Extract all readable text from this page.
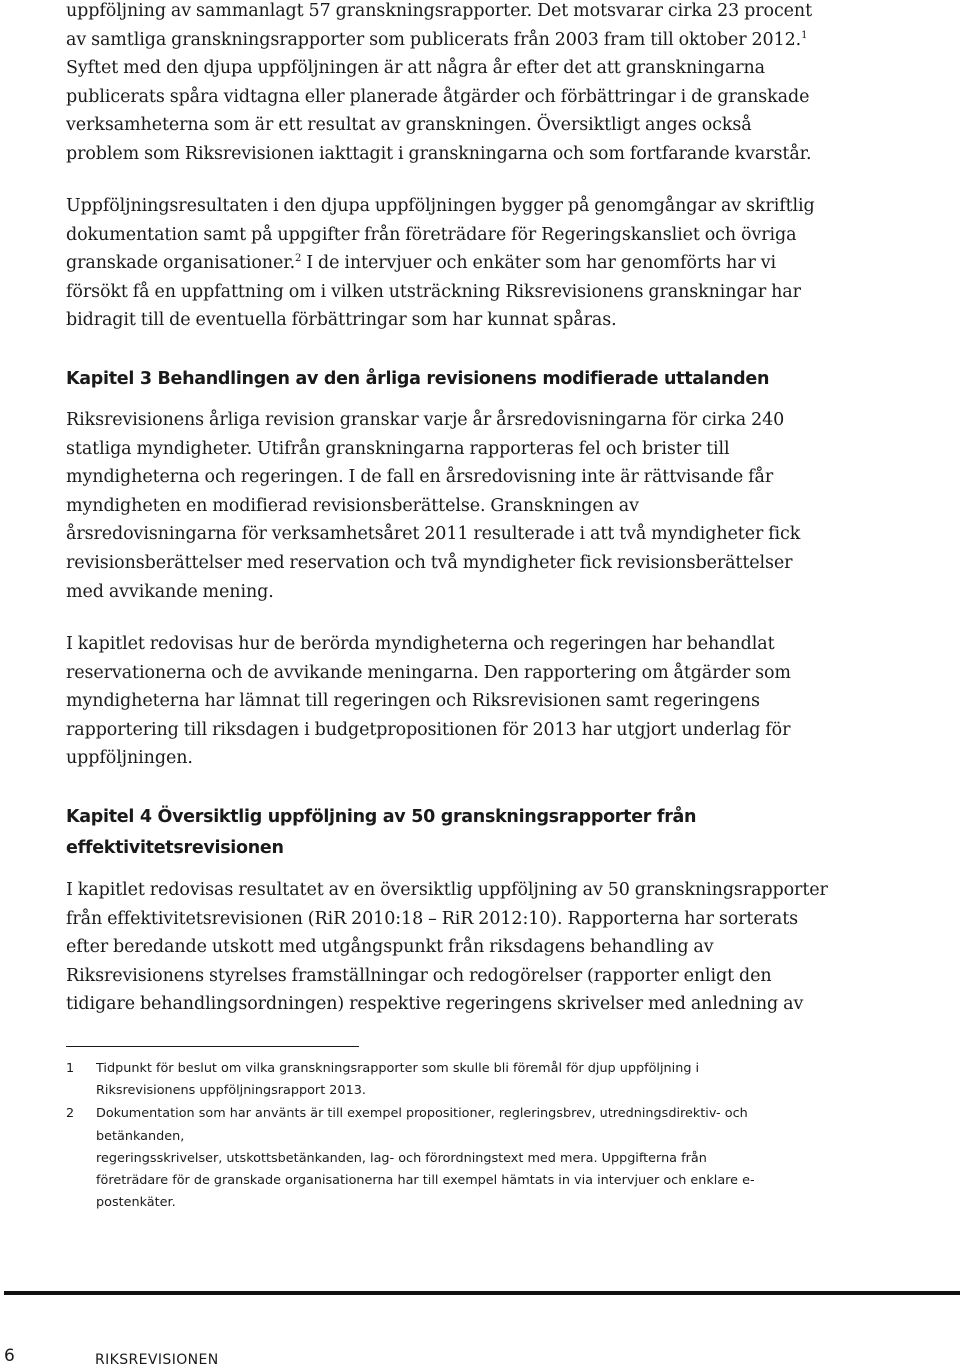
uppföljning av sammanlagt 57 granskningsrapporter. Det motsvarar cirka 23 procent
av samtliga granskningsrapporter som publicerats från 2003 fram till oktober 2012.$^1$
Syftet med den djupa uppföljningen är att några år efter det att granskningarna
publicerats spåra vidtagna eller planerade åtgärder och förbättringar i de granskade
verksamheterna som är ett resultat av granskningen. Översiktligt anges också
problem som Riksrevisionen iakttagit i granskningarna och som fortfarande kvarstår.

Uppföljningsresultaten i den djupa uppföljningen bygger på genomgångar av skriftlig
dokumentation samt på uppgifter från företrädare för Regeringskansliet och övriga
granskade organisationer.$^2$ I de intervjuer och enkäter som har genomförts har vi
försökt få en uppfattning om i vilken utsträckning Riksrevisionens granskningar har
bidragit till de eventuella förbättringar som har kunnat spåras.

Kapitel 3 Behandlingen av den årliga revisionens modifierade uttalanden

Riksrevisionens årliga revision granskar varje år årsredovisningarna för cirka 240
statliga myndigheter. Utifrån granskningarna rapporteras fel och brister till
myndigheterna och regeringen. I de fall en årsredovisning inte är rättvisande får
myndigheten en modifierad revisionsberättelse. Granskningen av
årsredovisningarna för verksamhetsåret 2011 resulterade i att två myndigheter fick
revisionsberättelser med reservation och två myndigheter fick revisionsberättelser
med avvikande mening.

I kapitlet redovisas hur de berörda myndigheterna och regeringen har behandlat
reservationerna och de avvikande meningarna. Den rapportering om åtgärder som
myndigheterna har lämnat till regeringen och Riksrevisionen samt regeringens
rapportering till riksdagen i budgetpropositionen för 2013 har utgjort underlag för
uppföljningen.

Kapitel 4 Översiktlig uppföljning av 50 granskningsrapporter från
effektivitetsrevisionen

I kapitlet redovisas resultatet av en översiktlig uppföljning av 50 granskningsrapporter
från effektivitetsrevisionen (RiR 2010:18 – RiR 2012:10). Rapporterna har sorterats
efter beredande utskott med utgångspunkt från riksdagens behandling av
Riksrevisionens styrelses framställningar och redogörelser (rapporter enligt den
tidigare behandlingsordningen) respektive regeringens skrivelser med anledning av

1	Tidpunkt för beslut om vilka granskningsrapporter som skulle bli föremål för djup uppföljning i
Riksrevisionens uppföljningsrapport 2013.
2	Dokumentation som har använts är till exempel propositioner, regleringsbrev, utredningsdirektiv- och
betänkanden,
regeringsskrivelser, utskottsbetänkanden, lag- och förordningstext med mera. Uppgifterna från
företrädare för de granskade organisationerna har till exempel hämtats in via intervjuer och enklare e-
postenkäter.
6	RIKSREVISIONEN
